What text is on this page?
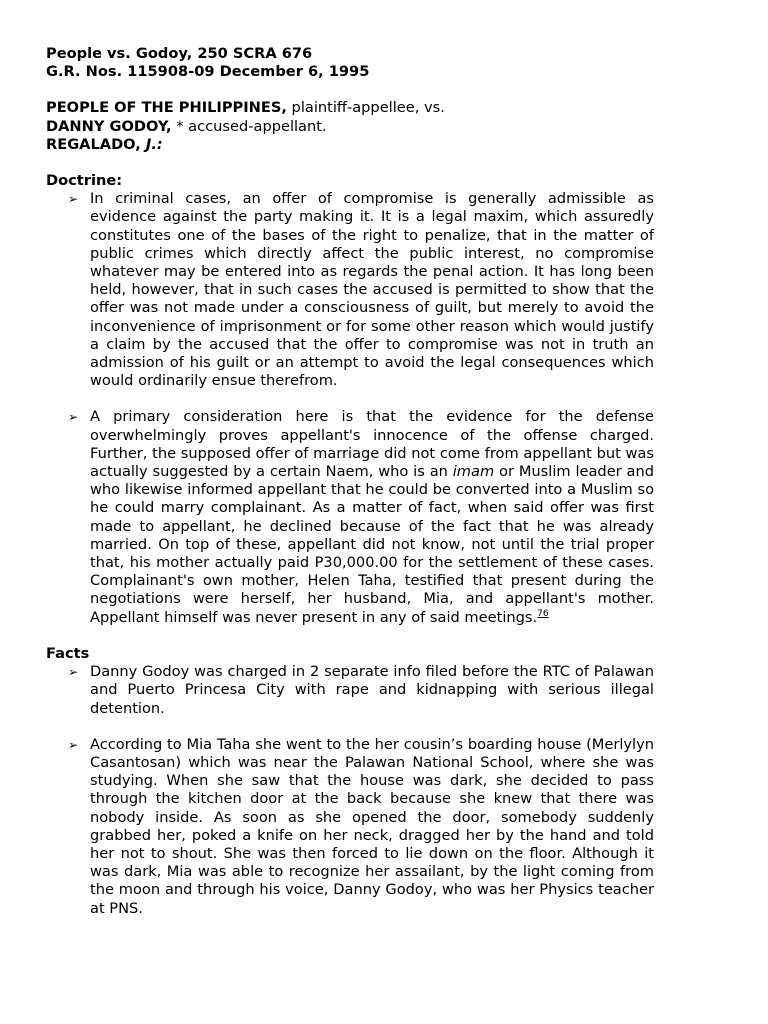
People vs. Godoy, 250 SCRA 676

G.R. Nos. 115908-09 December 6, 1995

PEOPLE OF THE PHILIPPINES, plaintiff-appellee, vs.

DANNY GODOY, * accused-appellant.

REGALADO, J.:

Doctrine:

➢ In criminal cases, an offer of compromise is generally admissible as evidence against the party making it. It is a legal maxim, which assuredly constitutes one of the bases of the right to penalize, that in the matter of public crimes which directly affect the public interest, no compromise whatever may be entered into as regards the penal action. It has long been held, however, that in such cases the accused is permitted to show that the offer was not made under a consciousness of guilt, but merely to avoid the inconvenience of imprisonment or for some other reason which would justify a claim by the accused that the offer to compromise was not in truth an admission of his guilt or an attempt to avoid the legal consequences which would ordinarily ensue therefrom.

➢ A primary consideration here is that the evidence for the defense overwhelmingly proves appellant's innocence of the offense charged. Further, the supposed offer of marriage did not come from appellant but was actually suggested by a certain Naem, who is an imam or Muslim leader and who likewise informed appellant that he could be converted into a Muslim so he could marry complainant. As a matter of fact, when said offer was first made to appellant, he declined because of the fact that he was already married. On top of these, appellant did not know, not until the trial proper that, his mother actually paid P30,000.00 for the settlement of these cases. Complainant's own mother, Helen Taha, testified that present during the negotiations were herself, her husband, Mia, and appellant's mother. Appellant himself was never present in any of said meetings.$^{76}$

Facts

➢ Danny Godoy was charged in 2 separate info filed before the RTC of Palawan and Puerto Princesa City with rape and kidnapping with serious illegal detention.

➢ According to Mia Taha she went to the her cousin’s boarding house (Merlylyn Casantosan) which was near the Palawan National School, where she was studying. When she saw that the house was dark, she decided to pass through the kitchen door at the back because she knew that there was nobody inside. As soon as she opened the door, somebody suddenly grabbed her, poked a knife on her neck, dragged her by the hand and told her not to shout. She was then forced to lie down on the floor. Although it was dark, Mia was able to recognize her assailant, by the light coming from the moon and through his voice, Danny Godoy, who was her Physics teacher at PNS.
